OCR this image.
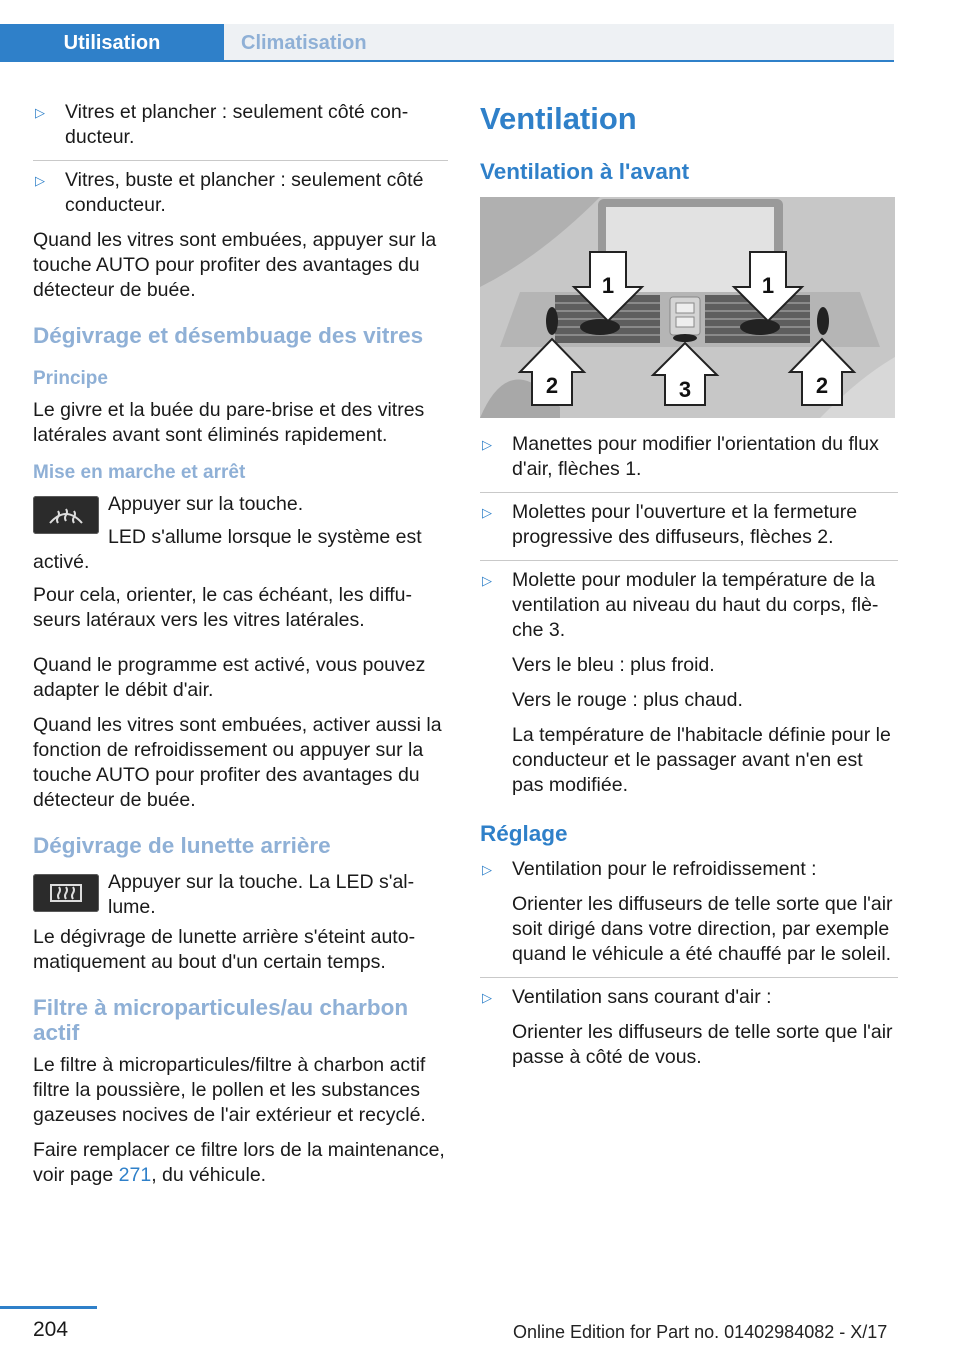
Utilisation	Climatisation
▷ Vitres et plancher : seulement côté conducteur.
▷ Vitres, buste et plancher : seulement côté conducteur.

Quand les vitres sont embuées, appuyer sur la touche AUTO pour profiter des avantages du détecteur de buée.

Dégivrage et désembuage des vitres
Principe

Le givre et la buée du pare-brise et des vitres latérales avant sont éliminés rapidement.

Mise en marche et arrêt

Appuyer sur la touche.

LED s'allume lorsque le système est activé.

Pour cela, orienter, le cas échéant, les diffuseurs latéraux vers les vitres latérales.

Quand le programme est activé, vous pouvez adapter le débit d'air.

Quand les vitres sont embuées, activer aussi la fonction de refroidissement ou appuyer sur la touche AUTO pour profiter des avantages du détecteur de buée.

Dégivrage de lunette arrière

Appuyer sur la touche. La LED s'allume.

Le dégivrage de lunette arrière s'éteint automatiquement au bout d'un certain temps.

Filtre à microparticules/au charbon actif

Le filtre à microparticules/filtre à charbon actif filtre la poussière, le pollen et les substances gazeuses nocives de l'air extérieur et recyclé.

Faire remplacer ce filtre lors de la maintenance, voir page 271, du véhicule.

Ventilation
Ventilation à l'avant
1	1
2	3	2
▷ Manettes pour modifier l'orientation du flux d'air, flèches 1.
▷ Molettes pour l'ouverture et la fermeture progressive des diffuseurs, flèches 2.
▷ Molette pour moduler la température de la ventilation au niveau du haut du corps, flèche 3.

Vers le bleu : plus froid.

Vers le rouge : plus chaud.

La température de l'habitacle définie pour le conducteur et le passager avant n'en est pas modifiée.

Réglage
▷ Ventilation pour le refroidissement :

Orienter les diffuseurs de telle sorte que l'air soit dirigé dans votre direction, par exemple quand le véhicule a été chauffé par le soleil.

▷ Ventilation sans courant d'air :

Orienter les diffuseurs de telle sorte que l'air passe à côté de vous.

204	Online Edition for Part no. 01402984082 - X/17
